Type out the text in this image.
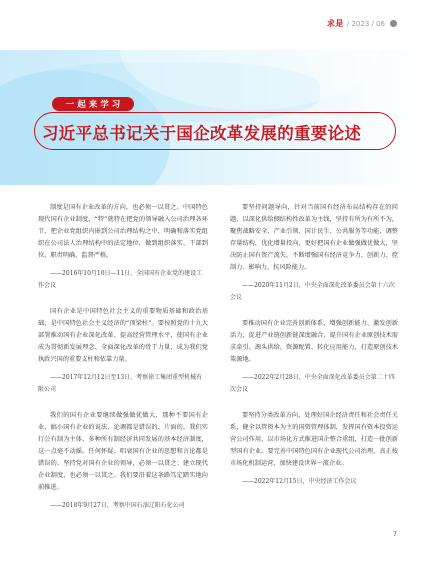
求是 / 2023 / 06
一起来学习
习近平总书记关于国企改革发展的重要论述

制度是国有企业改革的方向，也必须一以贯之。中国特色现代国有企业制度，“特”就特在把党的领导融入公司治理各环节，把企业党组织内嵌到公司治理结构之中，明确和落实党组织在公司法人治理结构中的法定地位，做到组织落实、干部到位、职责明确、监督严格。

——2016年10月10日—11日，全国国有企业党的建设工作会议

国有企业是中国特色社会主义的重要物质基础和政治基础，是中国特色社会主义经济的“顶梁柱”。要按照党的十九大部署推动国有企业深化改革、提高经营管理水平，使国有企业成为贯彻新发展理念、全面深化改革的骨干力量，成为我们党执政兴国的重要支柱和依靠力量。

——2017年12月12日至13日，考察徐工集团重型机械有限公司

我们的国有企业要继续做强做优做大，那种不要国有企业、搞小国有企业的说法、论调都是错误的、片面的。我们实行公有制为主体、多种所有制经济共同发展的基本经济制度，这一点毫不动摇。任何怀疑、唱衰国有企业的思想和言论都是错误的。坚持党对国有企业的领导，必须一以贯之；建立现代企业制度，也必须一以贯之。我们要沿着这条路笃定踏实地向前推进。

——2018年9月27日，考察中国石油辽阳石化公司

要坚持问题导向，针对当前国有经济布局结构存在的问题，以深化供给侧结构性改革为主线，坚持有所为有所不为，聚焦战略安全、产业引领、国计民生、公共服务等功能，调整存量结构，优化增量投向，更好把国有企业做强做优做大，坚决防止国有资产流失，不断增强国有经济竞争力、创新力、控制力、影响力、抗风险能力。

——2020年11月2日，中央全面深化改革委员会第十六次会议

要推动国有企业完善创新体系、增强创新能力、激发创新活力，促进产业链创新链深度融合，提升国有企业原创技术需求牵引、源头供给、资源配置、转化应用能力，打造原创技术策源地。

——2022年2月28日，中央全面深化改革委员会第二十四次会议

要坚持分类改革方向，处理好国企经济责任和社会责任关系，健全以管资本为主的国资管理体制，发挥国有资本投资运营公司作用，以市场化方式推进国企整合重组，打造一批创新型国有企业。要完善中国特色国有企业现代公司治理，真正按市场化机制运营，加快建设世界一流企业。

——2022年12月15日，中央经济工作会议

7
